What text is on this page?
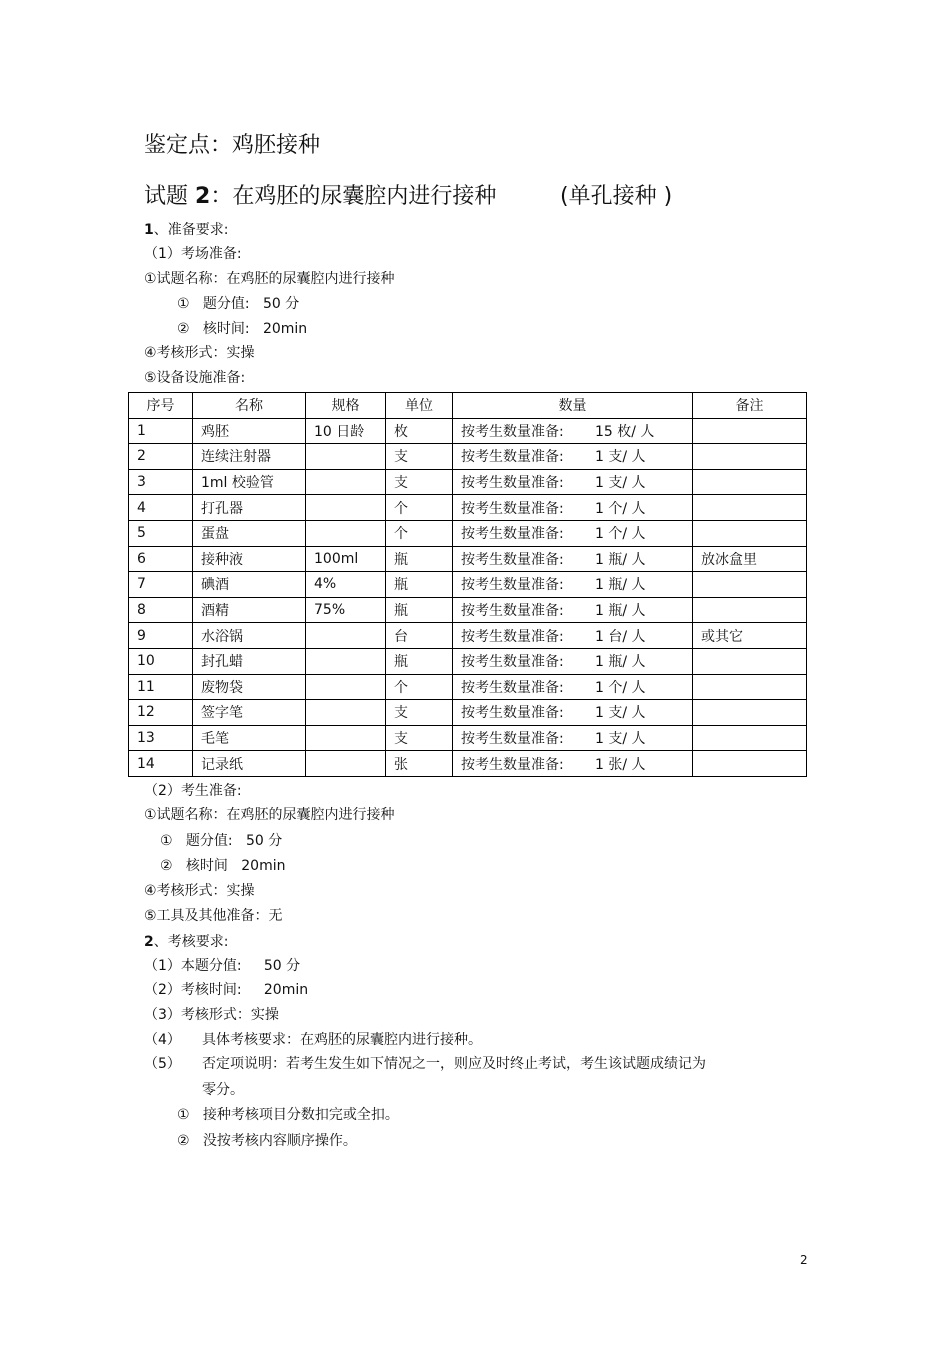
鉴定点：鸡胚接种
试题 2：在鸡胚的尿囊腔内进行接种	(单孔接种 )
1、准备要求:
（1）考场准备:
①试题名称：在鸡胚的尿囊腔内进行接种
①   题分值:   50 分
②   核时间:   20min
④考核形式：实操
⑤设备设施准备:
序号	名称	规格	单位	数量	备注
1	鸡胚	10 日龄	枚	按考生数量准备: 15 枚/ 人	
2	连续注射器		支	按考生数量准备: 1 支/ 人	
3	1ml 校验管		支	按考生数量准备: 1 支/ 人	
4	打孔器		个	按考生数量准备: 1 个/ 人	
5	蛋盘		个	按考生数量准备: 1 个/ 人	
6	接种液	100ml	瓶	按考生数量准备: 1 瓶/ 人	放冰盒里
7	碘酒	4%	瓶	按考生数量准备: 1 瓶/ 人	
8	酒精	75%	瓶	按考生数量准备: 1 瓶/ 人	
9	水浴锅		台	按考生数量准备: 1 台/ 人	或其它
10	封孔蜡		瓶	按考生数量准备: 1 瓶/ 人	
11	废物袋		个	按考生数量准备: 1 个/ 人	
12	签字笔		支	按考生数量准备: 1 支/ 人	
13	毛笔		支	按考生数量准备: 1 支/ 人	
14	记录纸		张	按考生数量准备: 1 张/ 人	
（2）考生准备:
①试题名称：在鸡胚的尿囊腔内进行接种
①   题分值:   50 分
②   核时间   20min
④考核形式：实操
⑤工具及其他准备：无
2、考核要求:
（1）本题分值:     50 分
（2）考核时间:     20min
（3）考核形式：实操
（4） 具体考核要求：在鸡胚的尿囊腔内进行接种。
（5） 否定项说明：若考生发生如下情况之一，则应及时终止考试，考生该试题成绩记为
零分。
①   接种考核项目分数扣完或全扣。
②   没按考核内容顺序操作。
2
